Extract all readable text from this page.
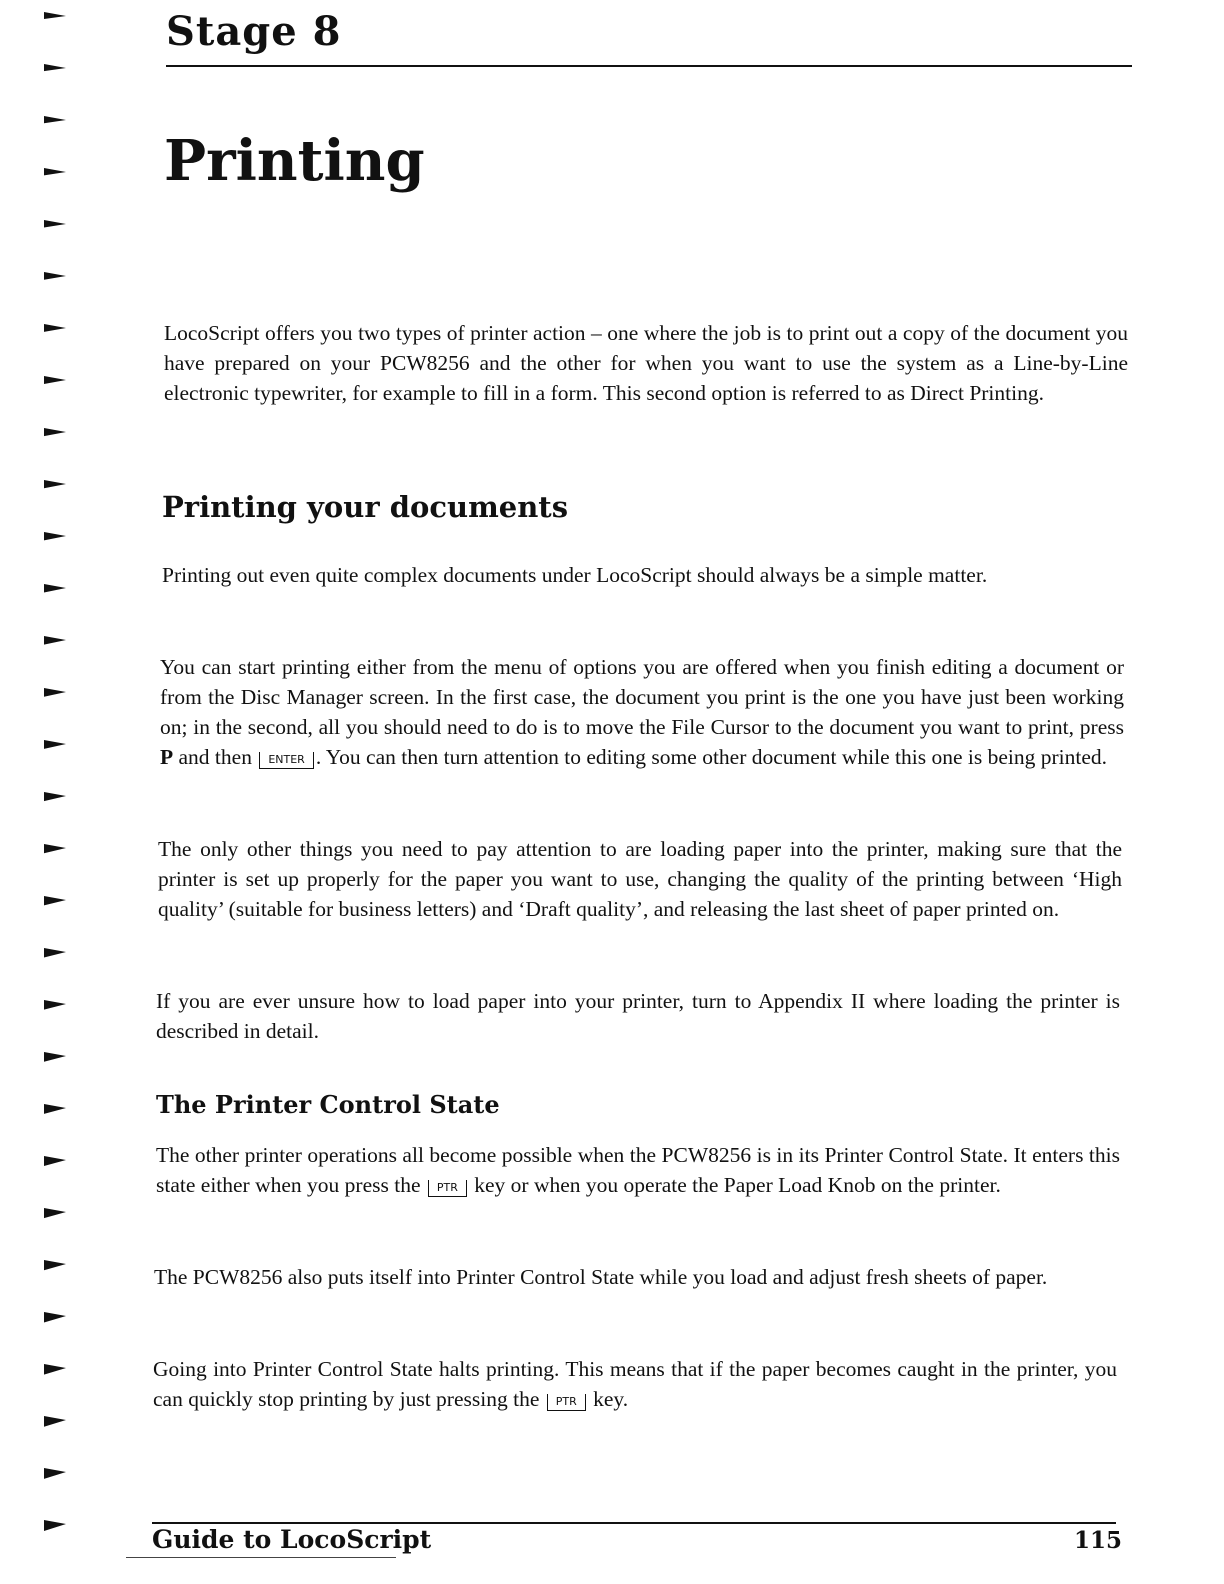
Stage 8
Printing

LocoScript offers you two types of printer action – one where the job is to print out a copy of the document you have prepared on your PCW8256 and the other for when you want to use the system as a Line-by-Line electronic typewriter, for example to fill in a form. This second option is referred to as Direct Printing.

Printing your documents

Printing out even quite complex documents under LocoScript should always be a simple matter.

You can start printing either from the menu of options you are offered when you finish editing a document or from the Disc Manager screen. In the first case, the document you print is the one you have just been working on; in the second, all you should need to do is to move the File Cursor to the document you want to print, press P and then ENTER . You can then turn attention to editing some other document while this one is being printed.

The only other things you need to pay attention to are loading paper into the printer, making sure that the printer is set up properly for the paper you want to use, changing the quality of the printing between ‘High quality’ (suitable for business letters) and ‘Draft quality’, and releasing the last sheet of paper printed on.

If you are ever unsure how to load paper into your printer, turn to Appendix II where loading the printer is described in detail.

The Printer Control State

The other printer operations all become possible when the PCW8256 is in its Printer Control State. It enters this state either when you press the PTR key or when you operate the Paper Load Knob on the printer.

The PCW8256 also puts itself into Printer Control State while you load and adjust fresh sheets of paper.

Going into Printer Control State halts printing. This means that if the paper becomes caught in the printer, you can quickly stop printing by just pressing the PTR key.

Guide to LocoScript	115
